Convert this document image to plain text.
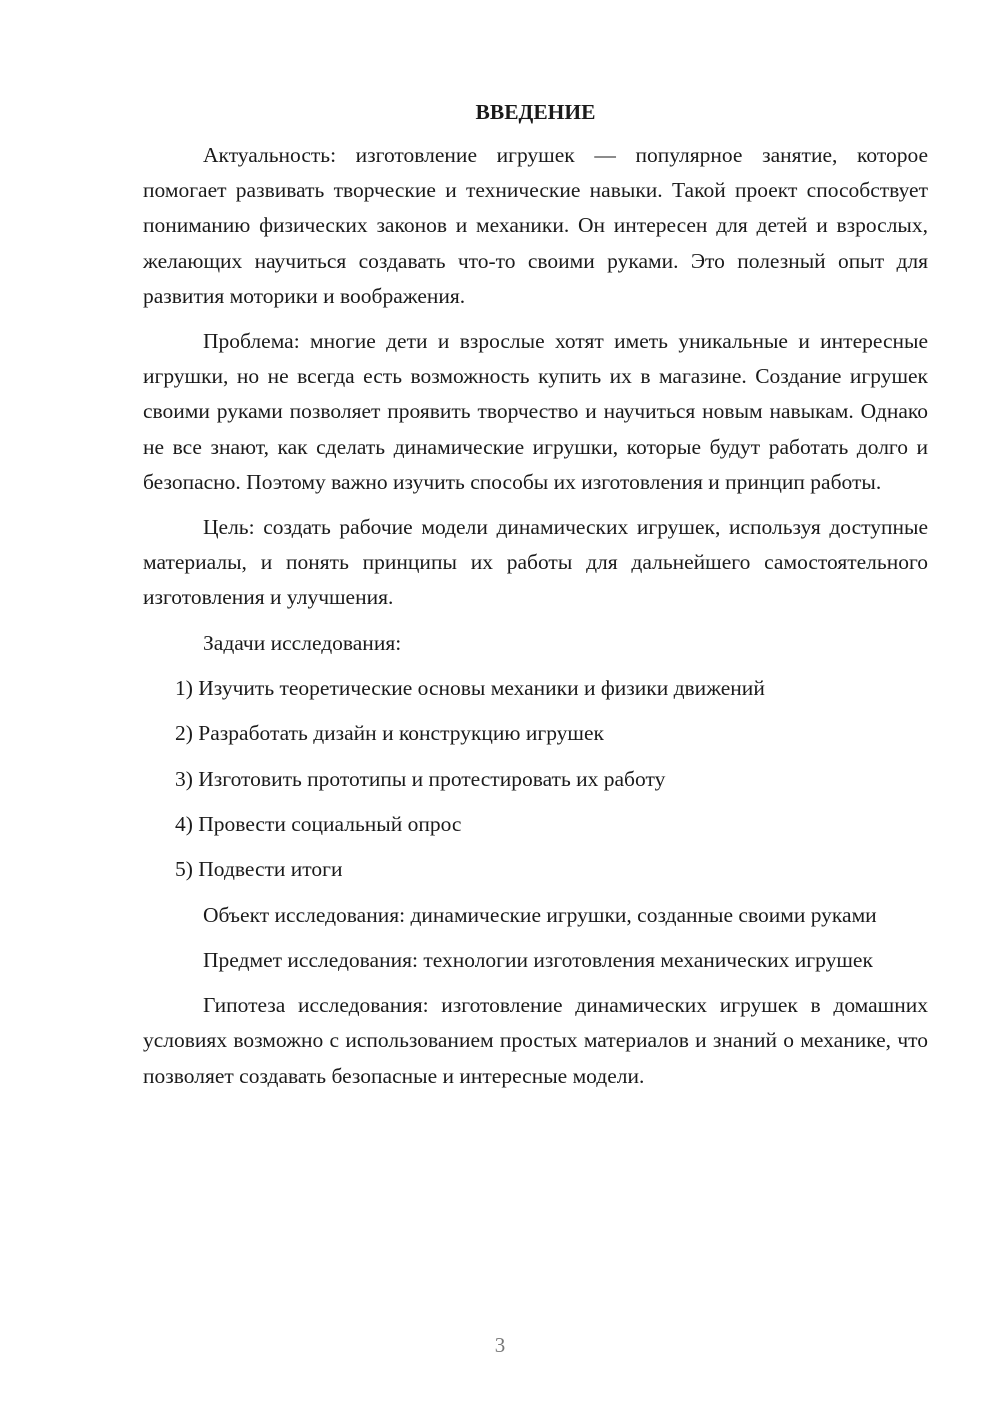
ВВЕДЕНИЕ

Актуальность: изготовление игрушек — популярное занятие, которое помогает развивать творческие и технические навыки. Такой проект способствует пониманию физических законов и механики. Он интересен для детей и взрослых, желающих научиться создавать что-то своими руками. Это полезный опыт для развития моторики и воображения.

Проблема: многие дети и взрослые хотят иметь уникальные и интересные игрушки, но не всегда есть возможность купить их в магазине. Создание игрушек своими руками позволяет проявить творчество и научиться новым навыкам. Однако не все знают, как сделать динамические игрушки, которые будут работать долго и безопасно. Поэтому важно изучить способы их изготовления и принцип работы.

Цель: создать рабочие модели динамических игрушек, используя доступные материалы, и понять принципы их работы для дальнейшего самостоятельного изготовления и улучшения.

Задачи исследования:

1) Изучить теоретические основы механики и физики движений
2) Разработать дизайн и конструкцию игрушек
3) Изготовить прототипы и протестировать их работу
4) Провести социальный опрос
5) Подвести итоги

Объект исследования: динамические игрушки, созданные своими руками

Предмет исследования: технологии изготовления механических игрушек

Гипотеза исследования: изготовление динамических игрушек в домашних условиях возможно с использованием простых материалов и знаний о механике, что позволяет создавать безопасные и интересные модели.

3
